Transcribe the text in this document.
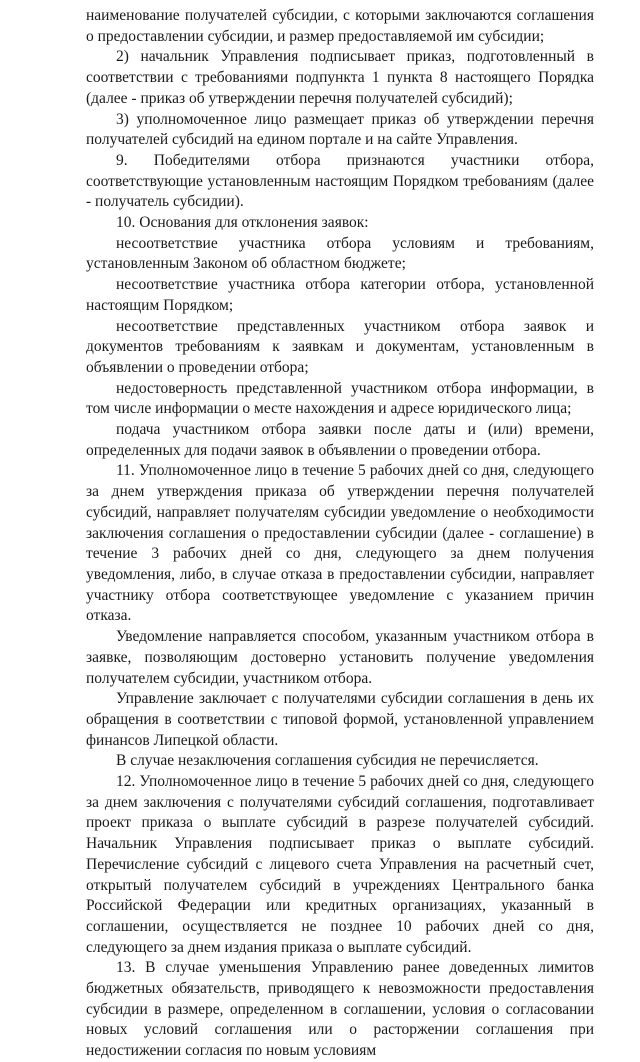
наименование получателей субсидии, с которыми заключаются соглашения о предоставлении субсидии, и размер предоставляемой им субсидии;

2) начальник Управления подписывает приказ, подготовленный в соответствии с требованиями подпункта 1 пункта 8 настоящего Порядка (далее - приказ об утверждении перечня получателей субсидий);

3) уполномоченное лицо размещает приказ об утверждении перечня получателей субсидий на едином портале и на сайте Управления.

9. Победителями отбора признаются участники отбора, соответствующие установленным настоящим Порядком требованиям (далее - получатель субсидии).

10. Основания для отклонения заявок:

несоответствие участника отбора условиям и требованиям, установленным Законом об областном бюджете;

несоответствие участника отбора категории отбора, установленной настоящим Порядком;

несоответствие представленных участником отбора заявок и документов требованиям к заявкам и документам, установленным в объявлении о проведении отбора;

недостоверность представленной участником отбора информации, в том числе информации о месте нахождения и адресе юридического лица;

подача участником отбора заявки после даты и (или) времени, определенных для подачи заявок в объявлении о проведении отбора.

11. Уполномоченное лицо в течение 5 рабочих дней со дня, следующего за днем утверждения приказа об утверждении перечня получателей субсидий, направляет получателям субсидии уведомление о необходимости заключения соглашения о предоставлении субсидии (далее - соглашение) в течение 3 рабочих дней со дня, следующего за днем получения уведомления, либо, в случае отказа в предоставлении субсидии, направляет участнику отбора соответствующее уведомление с указанием причин отказа.

Уведомление направляется способом, указанным участником отбора в заявке, позволяющим достоверно установить получение уведомления получателем субсидии, участником отбора.

Управление заключает с получателями субсидии соглашения в день их обращения в соответствии с типовой формой, установленной управлением финансов Липецкой области.

В случае незаключения соглашения субсидия не перечисляется.

12. Уполномоченное лицо в течение 5 рабочих дней со дня, следующего за днем заключения с получателями субсидий соглашения, подготавливает проект приказа о выплате субсидий в разрезе получателей субсидий. Начальник Управления подписывает приказ о выплате субсидий. Перечисление субсидий с лицевого счета Управления на расчетный счет, открытый получателем субсидий в учреждениях Центрального банка Российской Федерации или кредитных организациях, указанный в соглашении, осуществляется не позднее 10 рабочих дней со дня, следующего за днем издания приказа о выплате субсидий.

13. В случае уменьшения Управлению ранее доведенных лимитов бюджетных обязательств, приводящего к невозможности предоставления субсидии в размере, определенном в соглашении, условия о согласовании новых условий соглашения или о расторжении соглашения при недостижении согласия по новым условиям
